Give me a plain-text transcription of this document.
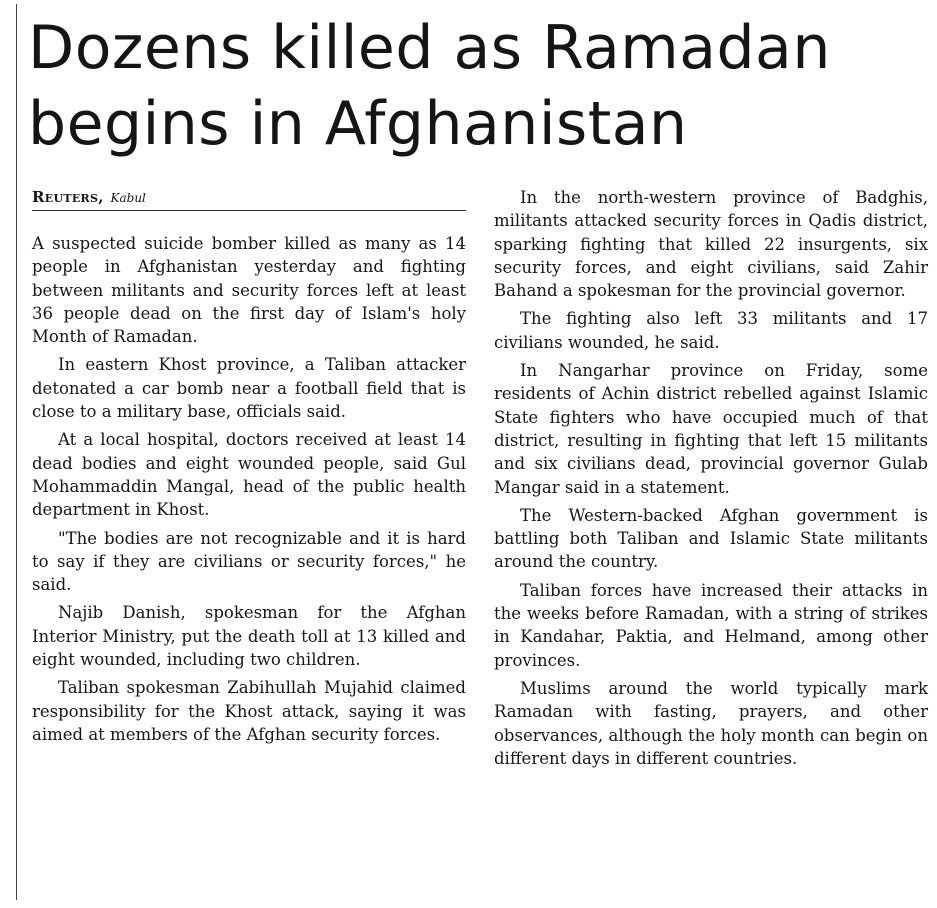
Dozens killed as Ramadan
begins in Afghanistan
Reuters, Kabul

A suspected suicide bomber killed as many as 14 people in Afghanistan yesterday and fighting between militants and security forces left at least 36 people dead on the first day of Islam's holy Month of Ramadan.

In eastern Khost province, a Taliban attacker detonated a car bomb near a football field that is close to a military base, officials said.

At a local hospital, doctors received at least 14 dead bodies and eight wounded people, said Gul Mohammaddin Mangal, head of the public health department in Khost.

"The bodies are not recognizable and it is hard to say if they are civilians or security forces," he said.

Najib Danish, spokesman for the Afghan Interior Ministry, put the death toll at 13 killed and eight wounded, including two children.

Taliban spokesman Zabihullah Mujahid claimed responsibility for the Khost attack, saying it was aimed at members of the Afghan security forces.

In the north-western province of Badghis, militants attacked security forces in Qadis district, sparking fighting that killed 22 insurgents, six security forces, and eight civilians, said Zahir Bahand a spokesman for the provincial governor.

The fighting also left 33 militants and 17 civilians wounded, he said.

In Nangarhar province on Friday, some residents of Achin district rebelled against Islamic State fighters who have occupied much of that district, resulting in fighting that left 15 militants and six civilians dead, provincial governor Gulab Mangar said in a statement.

The Western-backed Afghan government is battling both Taliban and Islamic State militants around the country.

Taliban forces have increased their attacks in the weeks before Ramadan, with a string of strikes in Kandahar, Paktia, and Helmand, among other provinces.

Muslims around the world typically mark Ramadan with fasting, prayers, and other observances, although the holy month can begin on different days in different countries.
